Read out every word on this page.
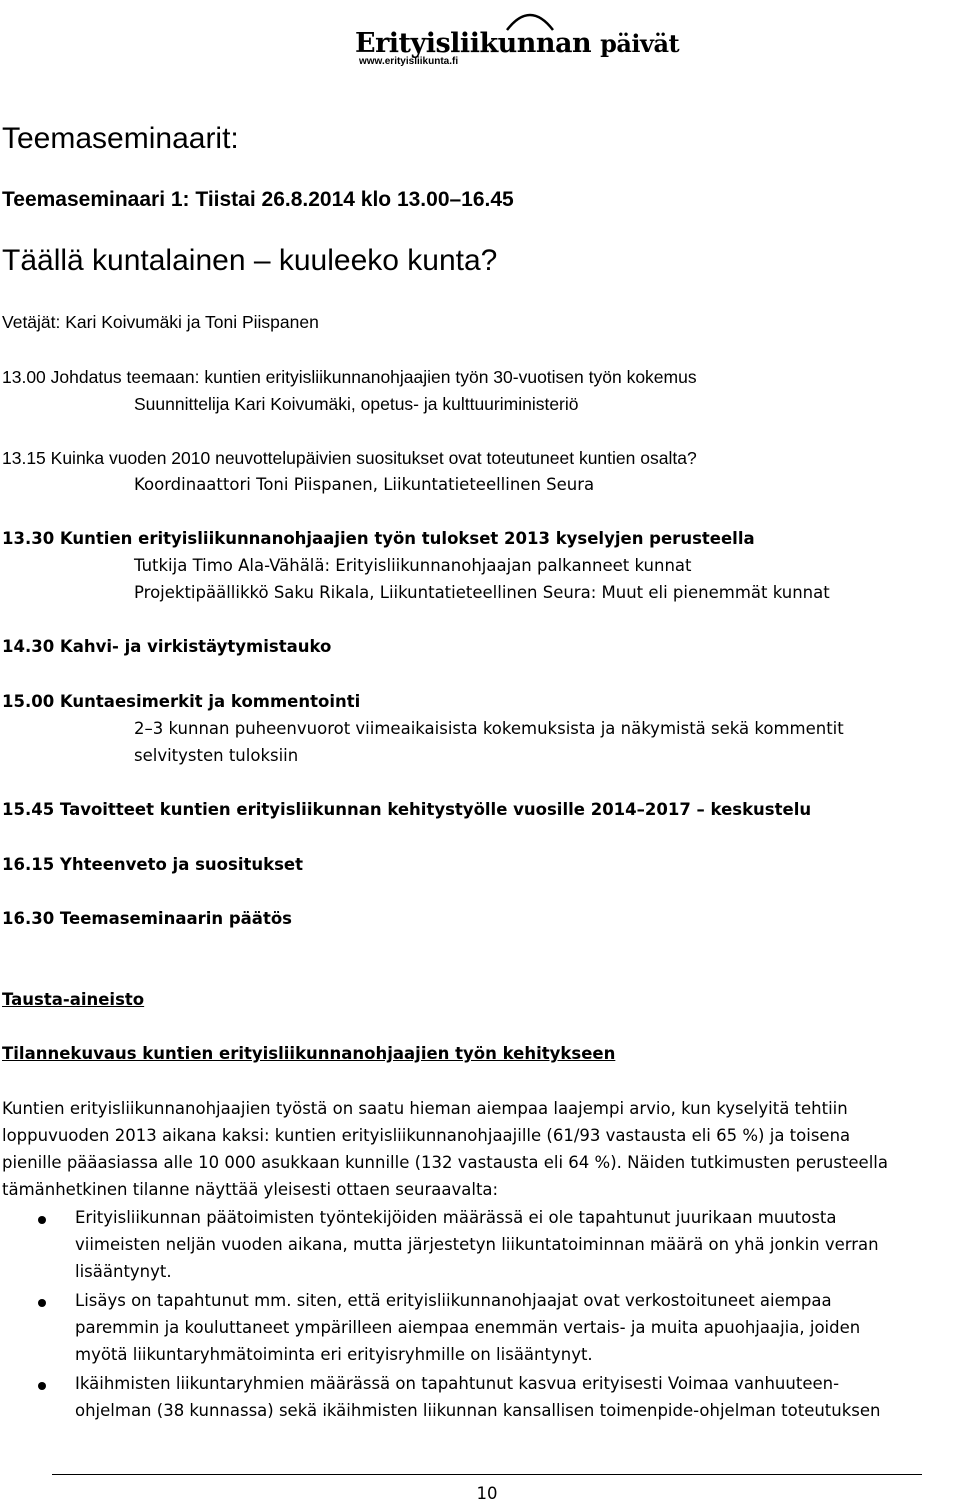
Erityisliikunnan päivät
www.erityisliikunta.fi
Teemaseminaarit:
Teemaseminaari 1: Tiistai 26.8.2014 klo 13.00–16.45
Täällä kuntalainen – kuuleeko kunta?
Vetäjät: Kari Koivumäki ja Toni Piispanen
13.00 Johdatus teemaan: kuntien erityisliikunnanohjaajien työn 30-vuotisen työn kokemus
Suunnittelija Kari Koivumäki, opetus- ja kulttuuriministeriö
13.15 Kuinka vuoden 2010 neuvottelupäivien suositukset ovat toteutuneet kuntien osalta?
Koordinaattori Toni Piispanen, Liikuntatieteellinen Seura
13.30 Kuntien erityisliikunnanohjaajien työn tulokset 2013 kyselyjen perusteella
Tutkija Timo Ala-Vähälä: Erityisliikunnanohjaajan palkanneet kunnat
Projektipäällikkö Saku Rikala, Liikuntatieteellinen Seura: Muut eli pienemmät kunnat
14.30 Kahvi- ja virkistäytymistauko
15.00 Kuntaesimerkit ja kommentointi
2–3 kunnan puheenvuorot viimeaikaisista kokemuksista ja näkymistä sekä kommentit
selvitysten tuloksiin
15.45 Tavoitteet kuntien erityisliikunnan kehitystyölle vuosille 2014–2017 – keskustelu
16.15 Yhteenveto ja suositukset
16.30 Teemaseminaarin päätös
Tausta-aineisto
Tilannekuvaus kuntien erityisliikunnanohjaajien työn kehitykseen
Kuntien erityisliikunnanohjaajien työstä on saatu hieman aiempaa laajempi arvio, kun kyselyitä tehtiin
loppuvuoden 2013 aikana kaksi: kuntien erityisliikunnanohjaajille (61/93 vastausta eli 65 %) ja toisena
pienille pääasiassa alle 10 000 asukkaan kunnille (132 vastausta eli 64 %). Näiden tutkimusten perusteella
tämänhetkinen tilanne näyttää yleisesti ottaen seuraavalta:
Erityisliikunnan päätoimisten työntekijöiden määrässä ei ole tapahtunut juurikaan muutosta
viimeisten neljän vuoden aikana, mutta järjestetyn liikuntatoiminnan määrä on yhä jonkin verran
lisääntynyt.
Lisäys on tapahtunut mm. siten, että erityisliikunnanohjaajat ovat verkostoituneet aiempaa
paremmin ja kouluttaneet ympärilleen aiempaa enemmän vertais- ja muita apuohjaajia, joiden
myötä liikuntaryhmätoiminta eri erityisryhmille on lisääntynyt.
Ikäihmisten liikuntaryhmien määrässä on tapahtunut kasvua erityisesti Voimaa vanhuuteen-
ohjelman (38 kunnassa) sekä ikäihmisten liikunnan kansallisen toimenpide-ohjelman toteutuksen
10
